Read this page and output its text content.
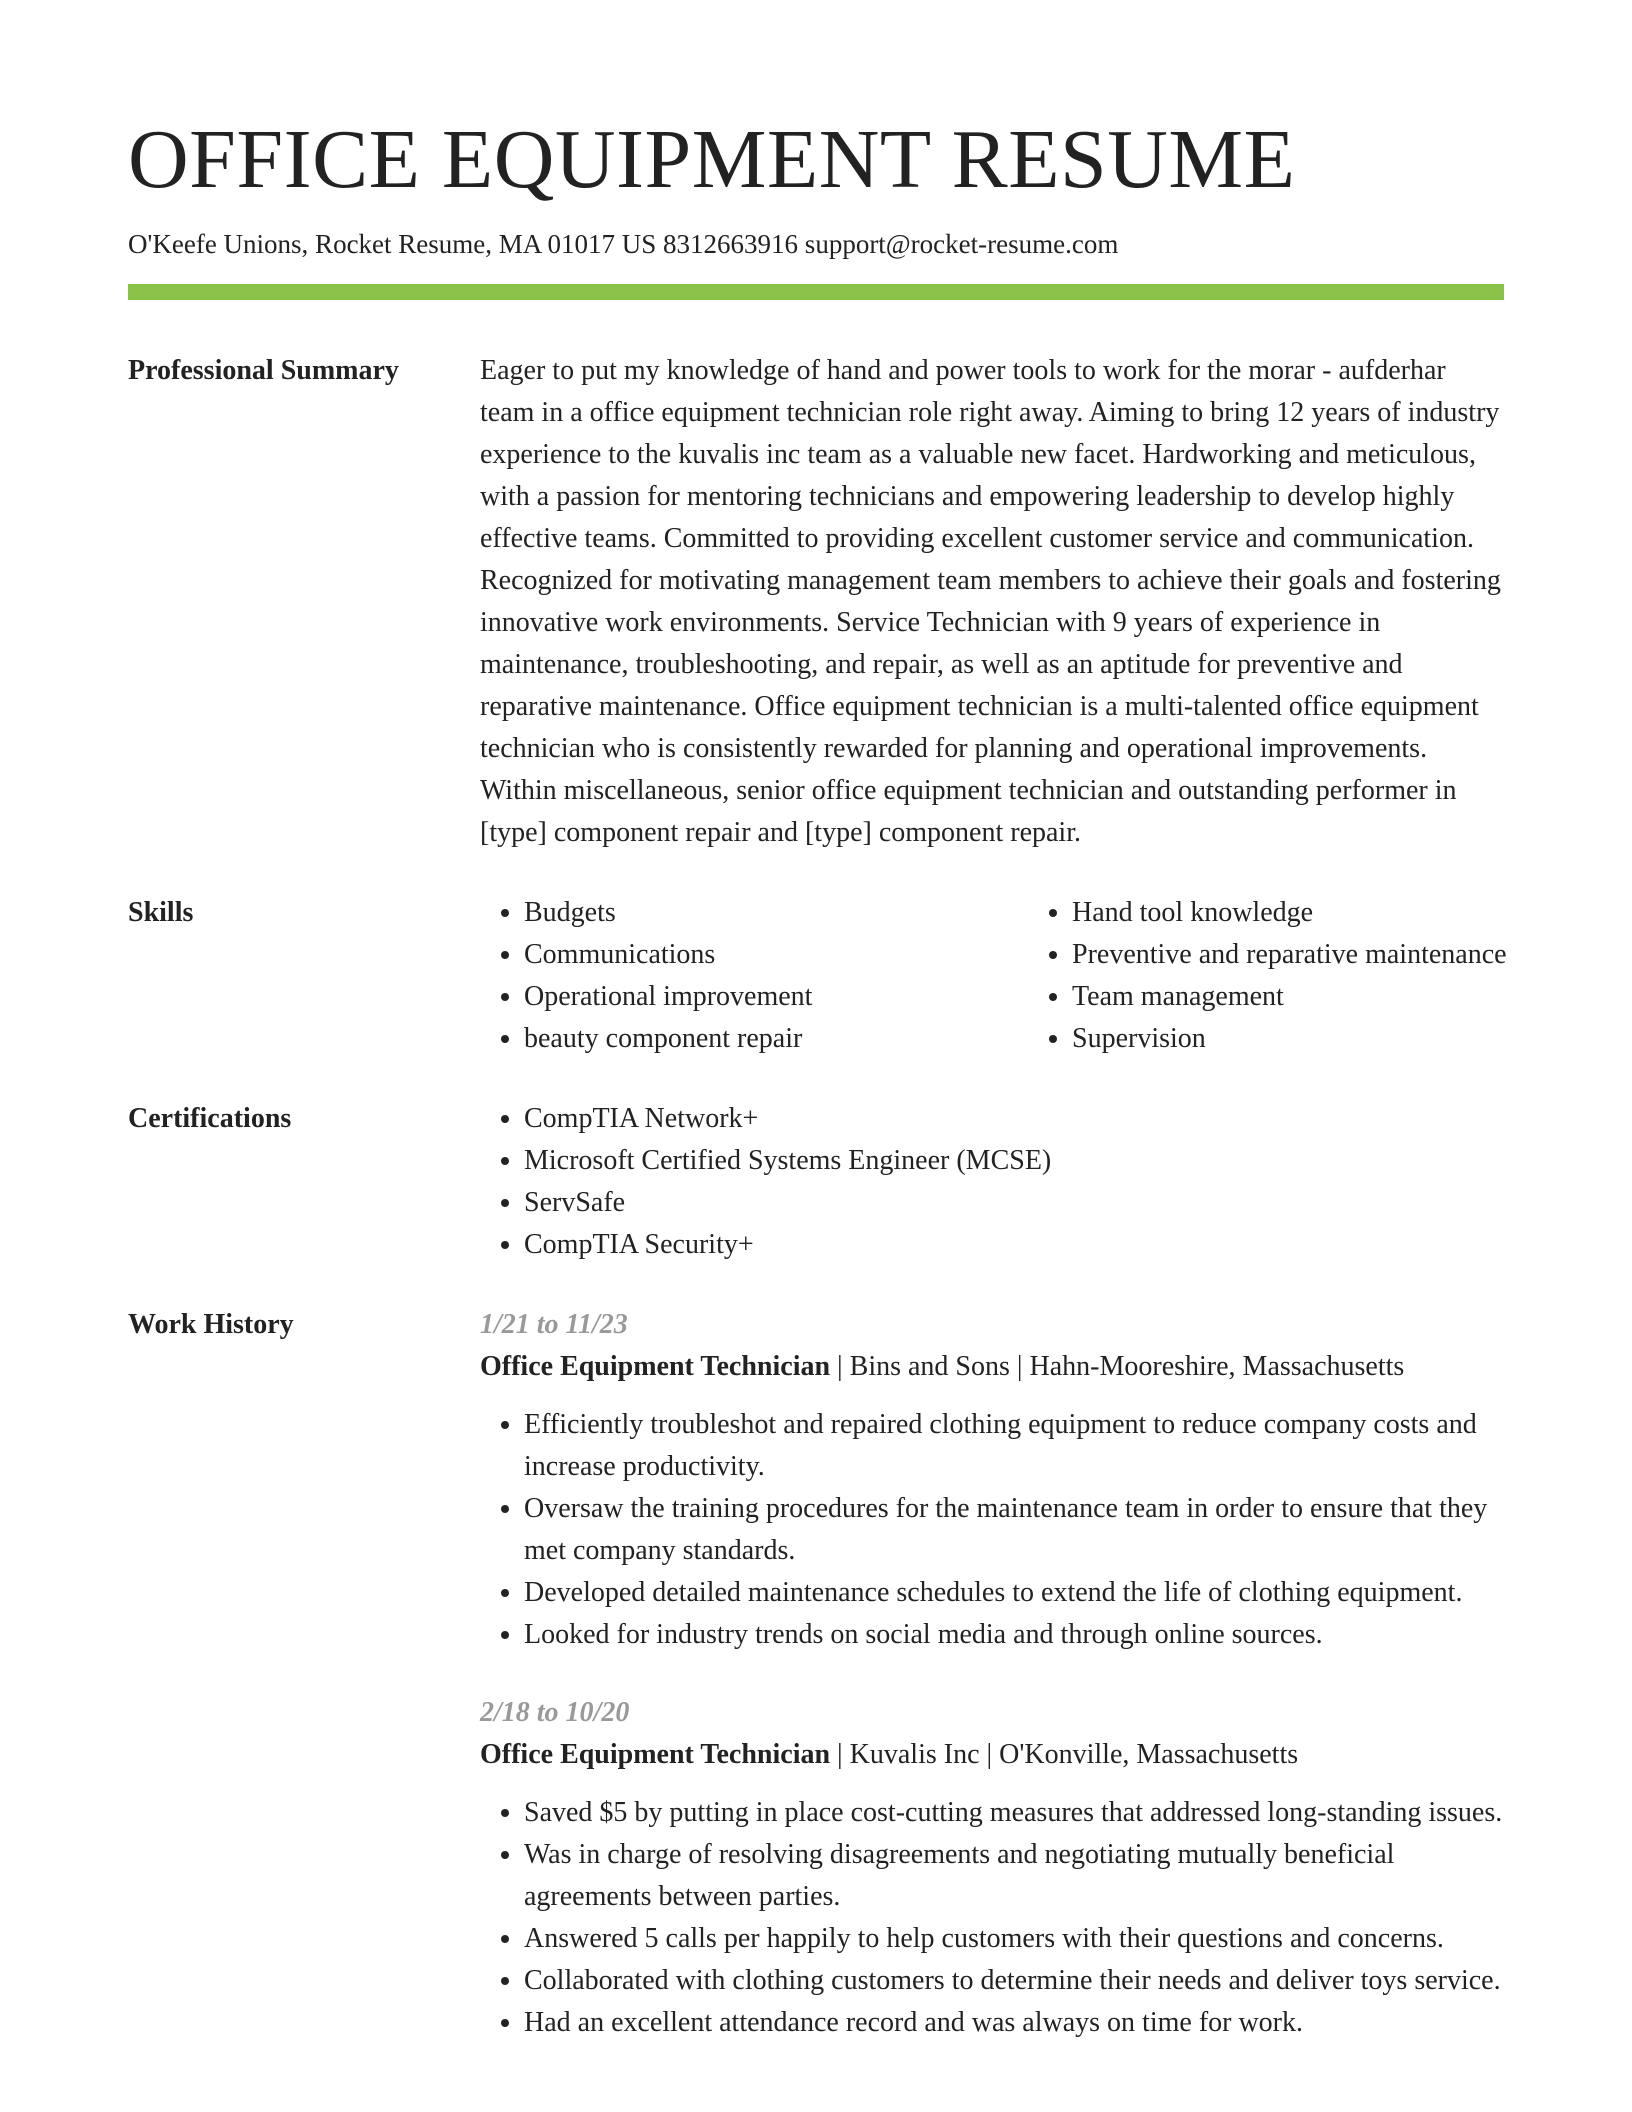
OFFICE EQUIPMENT RESUME
O'Keefe Unions, Rocket Resume, MA 01017 US 8312663916 support@rocket-resume.com
Professional Summary	Eager to put my knowledge of hand and power tools to work for the morar - aufderhar team in a office equipment technician role right away. Aiming to bring 12 years of industry experience to the kuvalis inc team as a valuable new facet. Hardworking and meticulous, with a passion for mentoring technicians and empowering leadership to develop highly effective teams. Committed to providing excellent customer service and communication. Recognized for motivating management team members to achieve their goals and fostering innovative work environments. Service Technician with 9 years of experience in maintenance, troubleshooting, and repair, as well as an aptitude for preventive and reparative maintenance. Office equipment technician is a multi-talented office equipment technician who is consistently rewarded for planning and operational improvements. Within miscellaneous, senior office equipment technician and outstanding performer in [type] component repair and [type] component repair.

Skills	• Budgets
• Communications
• Operational improvement
• beauty component repair
• Hand tool knowledge
• Preventive and reparative maintenance
• Team management
• Supervision
Certifications	• CompTIA Network+
• Microsoft Certified Systems Engineer (MCSE)
• ServSafe
• CompTIA Security+
Work History	1/21 to 11/23
Office Equipment Technician | Bins and Sons | Hahn-Mooreshire, Massachusetts
• Efficiently troubleshot and repaired clothing equipment to reduce company costs and increase productivity.
• Oversaw the training procedures for the maintenance team in order to ensure that they met company standards.
• Developed detailed maintenance schedules to extend the life of clothing equipment.
• Looked for industry trends on social media and through online sources.
2/18 to 10/20
Office Equipment Technician | Kuvalis Inc | O'Konville, Massachusetts
• Saved $5 by putting in place cost-cutting measures that addressed long-standing issues.
• Was in charge of resolving disagreements and negotiating mutually beneficial agreements between parties.
• Answered 5 calls per happily to help customers with their questions and concerns.
• Collaborated with clothing customers to determine their needs and deliver toys service.
• Had an excellent attendance record and was always on time for work.
